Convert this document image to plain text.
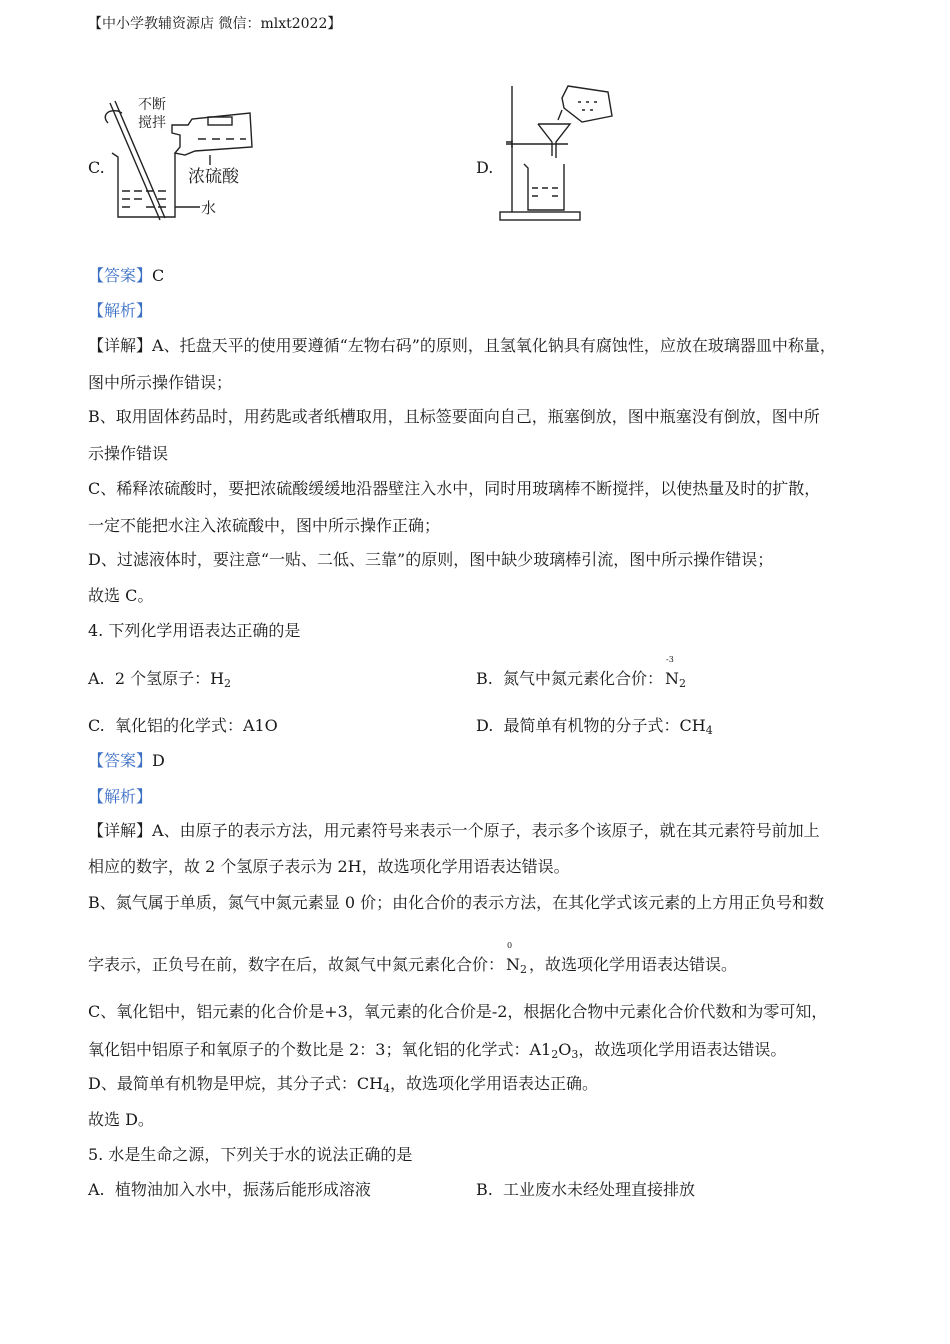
【中小学教辅资源店 微信：mlxt2022】
C.	D.
不断
搅拌
浓硫酸
水
【答案】C
【解析】
【详解】A、托盘天平的使用要遵循“左物右码”的原则，且氢氧化钠具有腐蚀性，应放在玻璃器皿中称量，
图中所示操作错误；
B、取用固体药品时，用药匙或者纸槽取用，且标签要面向自己，瓶塞倒放，图中瓶塞没有倒放，图中所
示操作错误
C、稀释浓硫酸时，要把浓硫酸缓缓地沿器壁注入水中，同时用玻璃棒不断搅拌，以使热量及时的扩散，
一定不能把水注入浓硫酸中，图中所示操作正确；
D、过滤液体时，要注意“一贴、二低、三靠”的原则，图中缺少玻璃棒引流，图中所示操作错误；
故选 C。
4. 下列化学用语表达正确的是
A. 2 个氢原子：$H_2$	B. 氮气中氮元素化合价：
-3
$N_2$
C. 氧化铝的化学式：A1O	D. 最简单有机物的分子式：$CH_4$
【答案】D
【解析】
【详解】A、由原子的表示方法，用元素符号来表示一个原子，表示多个该原子，就在其元素符号前加上
相应的数字，故 2 个氢原子表示为 2H，故选项化学用语表达错误。
B、氮气属于单质，氮气中氮元素显 0 价；由化合价的表示方法，在其化学式该元素的上方用正负号和数
字表示，正负号在前，数字在后，故氮气中氮元素化合价：
0
$N_2$ ，故选项化学用语表达错误。
C、氧化铝中，铝元素的化合价是+3，氧元素的化合价是-2，根据化合物中元素化合价代数和为零可知，
氧化铝中铝原子和氧原子的个数比是 2：3；氧化铝的化学式：$A1_2O_3$，故选项化学用语表达错误。
D、最简单有机物是甲烷，其分子式：$CH_4$，故选项化学用语表达正确。
故选 D。
5. 水是生命之源，下列关于水的说法正确的是
A. 植物油加入水中，振荡后能形成溶液	B. 工业废水未经处理直接排放
